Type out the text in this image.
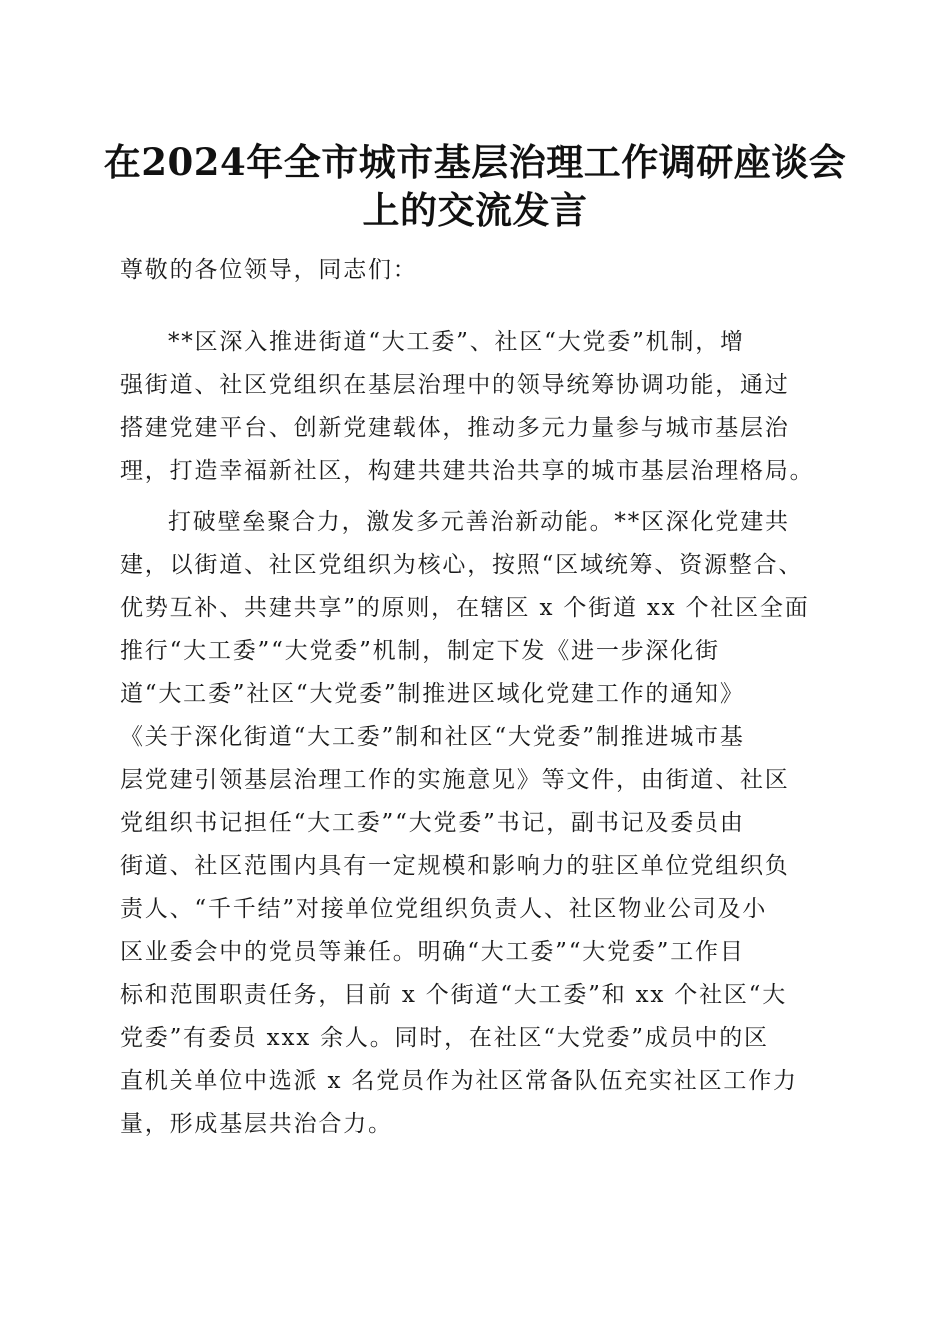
在2024年全市城市基层治理工作调研座谈会
上的交流发言
尊敬的各位领导，同志们：
**区深入推进街道“大工委”、社区“大党委”机制，增
强街道、社区党组织在基层治理中的领导统筹协调功能，通过
搭建党建平台、创新党建载体，推动多元力量参与城市基层治
理，打造幸福新社区，构建共建共治共享的城市基层治理格局。
打破壁垒聚合力，激发多元善治新动能。**区深化党建共
建，以街道、社区党组织为核心，按照“区域统筹、资源整合、
优势互补、共建共享”的原则，在辖区 x 个街道 xx 个社区全面
推行“大工委”“大党委”机制，制定下发《进一步深化街
道“大工委”社区“大党委”制推进区域化党建工作的通知》
《关于深化街道“大工委”制和社区“大党委”制推进城市基
层党建引领基层治理工作的实施意见》等文件，由街道、社区
党组织书记担任“大工委”“大党委”书记，副书记及委员由
街道、社区范围内具有一定规模和影响力的驻区单位党组织负
责人、“千千结”对接单位党组织负责人、社区物业公司及小
区业委会中的党员等兼任。明确“大工委”“大党委”工作目
标和范围职责任务，目前 x 个街道“大工委”和 xx 个社区“大
党委”有委员 xxx 余人。同时，在社区“大党委”成员中的区
直机关单位中选派 x 名党员作为社区常备队伍充实社区工作力
量，形成基层共治合力。
